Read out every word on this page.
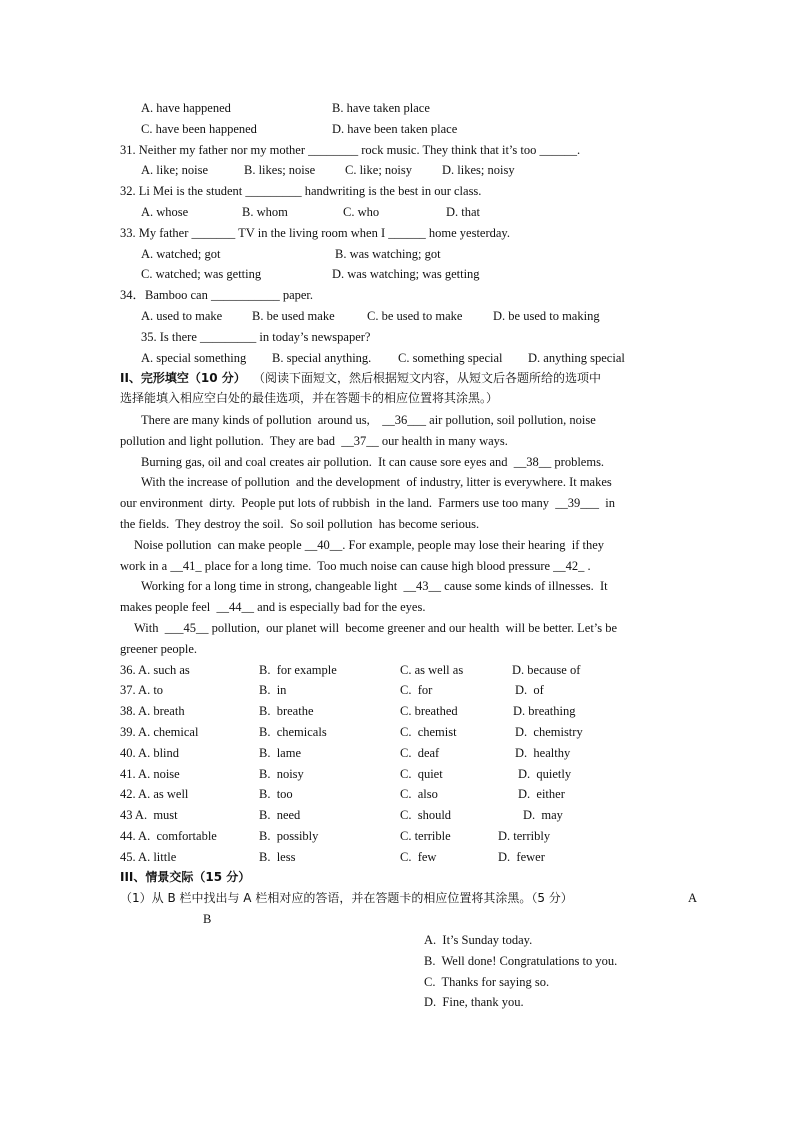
A. have happened	B. have taken place
C. have been happened	D. have been taken place
31. Neither my father nor my mother ________ rock music. They think that it’s too ______.
A. like; noise	B. likes; noise C. like; noisy D. likes; noisy
32. Li Mei is the student _________ handwriting is the best in our class.
A. whose	B. whom	C. who	D. that
33. My father _______ TV in the living room when I ______ home yesterday.
A. watched; got	B. was watching; got
C. watched; was getting	D. was watching; was getting
34．Bamboo can ___________ paper.
A. used to make B. be used make	C. be used to make D. be used to making
35. Is there _________ in today’s newspaper?
A. special something B. special anything. C. something special D. anything special
II、完形填空（10 分） （阅读下面短文，然后根据短文内容，从短文后各题所给的选项中
选择能填入相应空白处的最佳选项，并在答题卡的相应位置将其涂黑。）
There are many kinds of pollution  around us,    __36___ air pollution, soil pollution, noise
pollution and light pollution.  They are bad  __37__ our health in many ways.
Burning gas, oil and coal creates air pollution.  It can cause sore eyes and  __38__ problems.
With the increase of pollution  and the development  of industry, litter is everywhere. It makes
our environment  dirty.  People put lots of rubbish  in the land.  Farmers use too many  __39___  in
the fields.  They destroy the soil.  So soil pollution  has become serious.
Noise pollution  can make people __40__. For example, people may lose their hearing  if they
work in a __41_ place for a long time.  Too much noise can cause high blood pressure __42_ .
Working for a long time in strong, changeable light  __43__ cause some kinds of illnesses.  It
makes people feel  __44__ and is especially bad for the eyes.
With  ___45__ pollution,  our planet will  become greener and our health  will be better. Let’s be
greener people.
36. A. such as	B.  for example	C. as well as	D. because of
37. A. to	B.  in	C.  for	D.  of
38. A. breath	B.  breathe	C. breathed	D. breathing
39. A. chemical	B.  chemicals	C.  chemist	D.  chemistry
40. A. blind	B.  lame	C.  deaf	D.  healthy
41. A. noise	B.  noisy	C.  quiet	D.  quietly
42. A. as well	B.  too	C.  also	D.  either
43 A.  must	B.  need	C.  should	D.  may
44. A.  comfortable	B.  possibly	C. terrible	D. terribly
45. A. little	B.  less	C.  few	D.  fewer
III、情景交际（15 分）
（1）从 B 栏中找出与 A 栏相对应的答语，并在答题卡的相应位置将其涂黑。（5 分）	A
B
A.  It’s Sunday today.
B.  Well done! Congratulations to you.
C.  Thanks for saying so.
D.  Fine, thank you.
